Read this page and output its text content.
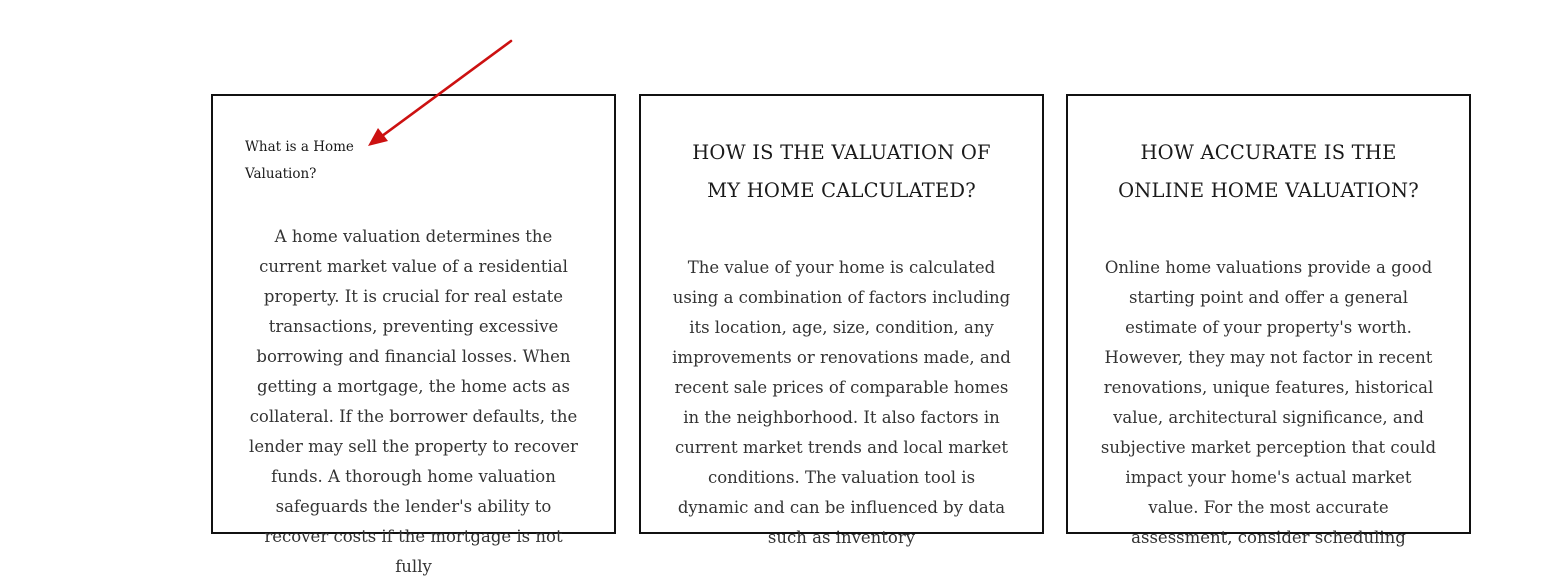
What is a Home Valuation?

A home valuation determines the current market value of a residential property. It is crucial for real estate transactions, preventing excessive borrowing and financial losses. When getting a mortgage, the home acts as collateral. If the borrower defaults, the lender may sell the property to recover funds. A thorough home valuation safeguards the lender's ability to recover costs if the mortgage is not fully

HOW IS THE VALUATION OF MY HOME CALCULATED?

The value of your home is calculated using a combination of factors including its location, age, size, condition, any improvements or renovations made, and recent sale prices of comparable homes in the neighborhood. It also factors in current market trends and local market conditions. The valuation tool is dynamic and can be influenced by data such as inventory

HOW ACCURATE IS THE ONLINE HOME VALUATION?

Online home valuations provide a good starting point and offer a general estimate of your property's worth. However, they may not factor in recent renovations, unique features, historical value, architectural significance, and subjective market perception that could impact your home's actual market value. For the most accurate assessment, consider scheduling
